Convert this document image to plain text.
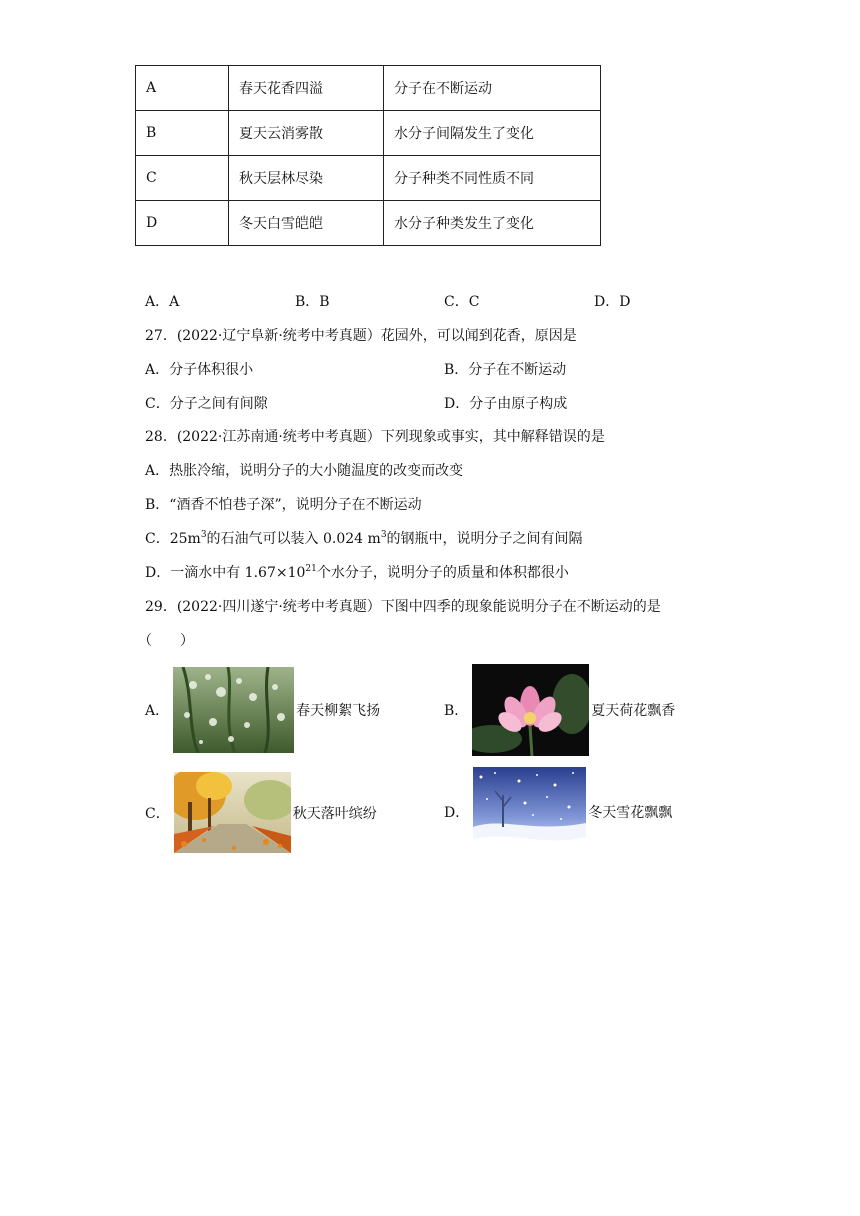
A	春天花香四溢	分子在不断运动
B	夏天云消雾散	水分子间隔发生了变化
C	秋天层林尽染	分子种类不同性质不同
D	冬天白雪皑皑	水分子种类发生了变化
A．A	B．B	C．C	D．D
27．(2022·辽宁阜新·统考中考真题）花园外，可以闻到花香，原因是
A．分子体积很小	B．分子在不断运动
C．分子之间有间隙	D．分子由原子构成
28．(2022·江苏南通·统考中考真题）下列现象或事实，其中解释错误的是
A．热胀冷缩，说明分子的大小随温度的改变而改变
B．“酒香不怕巷子深”，说明分子在不断运动
C．$25m^3$的石油气可以装入 0.024 $m^3$的钢瓶中，说明分子之间有间隔
D．一滴水中有 $1.67\times 10^{21}$个水分子，说明分子的质量和体积都很小
29．(2022·四川遂宁·统考中考真题）下图中四季的现象能说明分子在不断运动的是
（　　）
A．	春天柳絮飞扬	B．	夏天荷花飘香
C．	秋天落叶缤纷	D．	冬天雪花飘飘
